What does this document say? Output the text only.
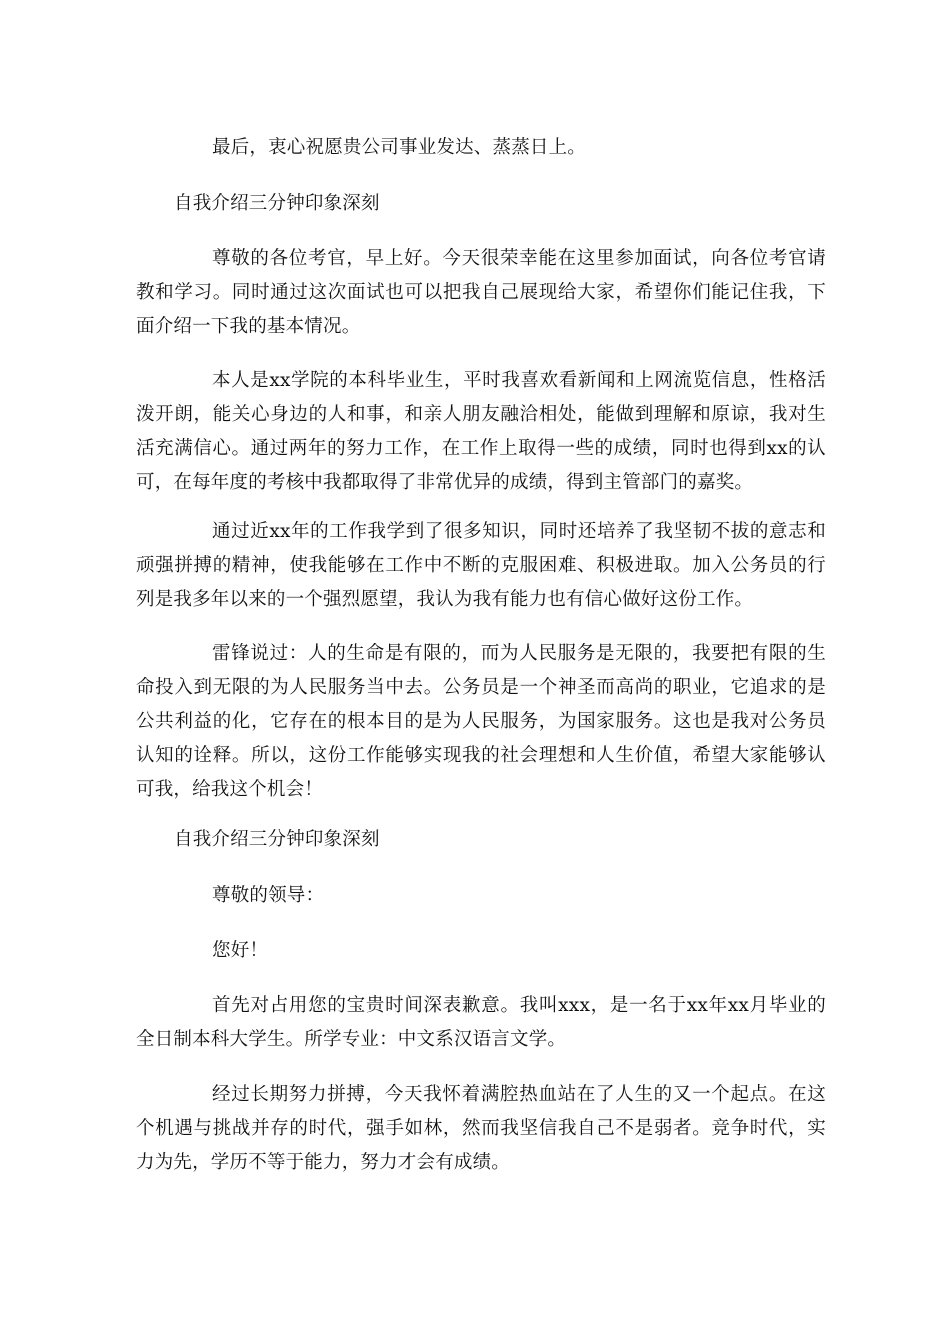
最后，衷心祝愿贵公司事业发达、蒸蒸日上。

自我介绍三分钟印象深刻

尊敬的各位考官，早上好。今天很荣幸能在这里参加面试，向各位考官请教和学习。同时通过这次面试也可以把我自己展现给大家，希望你们能记住我，下面介绍一下我的基本情况。

本人是xx学院的本科毕业生，平时我喜欢看新闻和上网流览信息，性格活泼开朗，能关心身边的人和事，和亲人朋友融洽相处，能做到理解和原谅，我对生活充满信心。通过两年的努力工作，在工作上取得一些的成绩，同时也得到xx的认可，在每年度的考核中我都取得了非常优异的成绩，得到主管部门的嘉奖。

通过近xx年的工作我学到了很多知识，同时还培养了我坚韧不拔的意志和顽强拼搏的精神，使我能够在工作中不断的克服困难、积极进取。加入公务员的行列是我多年以来的一个强烈愿望，我认为我有能力也有信心做好这份工作。

雷锋说过：人的生命是有限的，而为人民服务是无限的，我要把有限的生命投入到无限的为人民服务当中去。公务员是一个神圣而高尚的职业，它追求的是公共利益的化，它存在的根本目的是为人民服务，为国家服务。这也是我对公务员认知的诠释。所以，这份工作能够实现我的社会理想和人生价值，希望大家能够认可我，给我这个机会！

自我介绍三分钟印象深刻

尊敬的领导：

您好！

首先对占用您的宝贵时间深表歉意。我叫xxx，是一名于xx年xx月毕业的全日制本科大学生。所学专业：中文系汉语言文学。

经过长期努力拼搏，今天我怀着满腔热血站在了人生的又一个起点。在这个机遇与挑战并存的时代，强手如林，然而我坚信我自己不是弱者。竞争时代，实力为先，学历不等于能力，努力才会有成绩。
